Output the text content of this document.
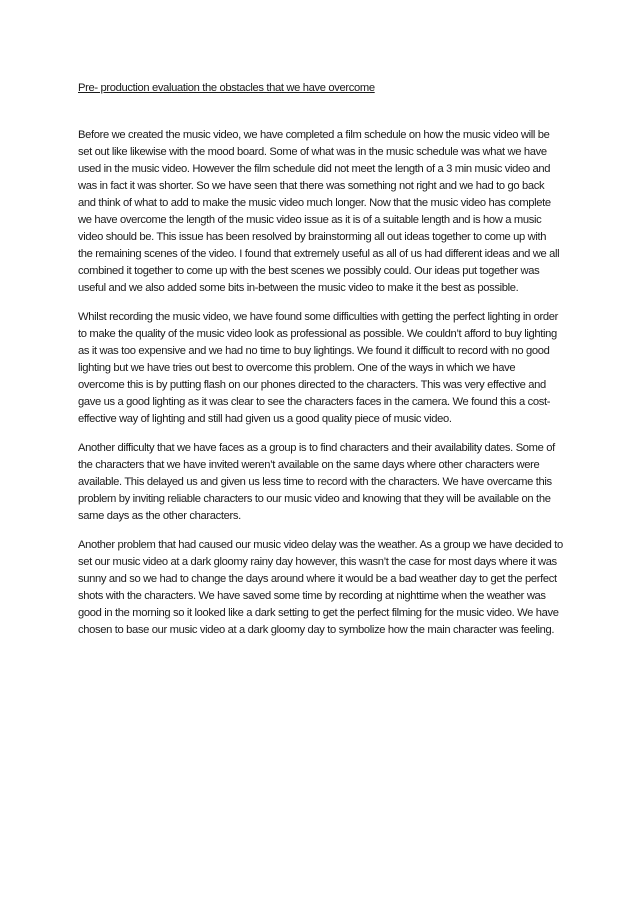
Pre- production evaluation the obstacles that we have overcome

Before we created the music video, we have completed a film schedule on how the music video will be set out like likewise with the mood board. Some of what was in the music schedule was what we have used in the music video. However the film schedule did not meet the length of a 3 min music video and was in fact it was shorter. So we have seen that there was something not right and we had to go back and think of what to add to make the music video much longer. Now that the music video has complete we have overcome the length of the music video issue as it is of a suitable length and is how a music video should be. This issue has been resolved by brainstorming all out ideas together to come up with the remaining scenes of the video. I found that extremely useful as all of us had different ideas and we all combined it together to come up with the best scenes we possibly could. Our ideas put together was useful and we also added some bits in-between the music video to make it the best as possible.

Whilst recording the music video, we have found some difficulties with getting the perfect lighting in order to make the quality of the music video look as professional as possible. We couldn’t afford to buy lighting as it was too expensive and we had no time to buy lightings. We found it difficult to record with no good lighting but we have tries out best to overcome this problem. One of the ways in which we have overcome this is by putting flash on our phones directed to the characters. This was very effective and gave us a good lighting as it was clear to see the characters faces in the camera. We found this a cost-effective way of lighting and still had given us a good quality piece of music video.

Another difficulty that we have faces as a group is to find characters and their availability dates. Some of the characters that we have invited weren’t available on the same days where other characters were available. This delayed us and given us less time to record with the characters. We have overcame this problem by inviting reliable characters to our music video and knowing that they will be available on the same days as the other characters.

Another problem that had caused our music video delay was the weather. As a group we have decided to set our music video at a dark gloomy rainy day however, this wasn’t the case for most days where it was sunny and so we had to change the days around where it would be a bad weather day to get the perfect shots with the characters. We have saved some time by recording at nighttime when the weather was good in the morning so it looked like a dark setting to get the perfect filming for the music video. We have chosen to base our music video at a dark gloomy day to symbolize how the main character was feeling.
